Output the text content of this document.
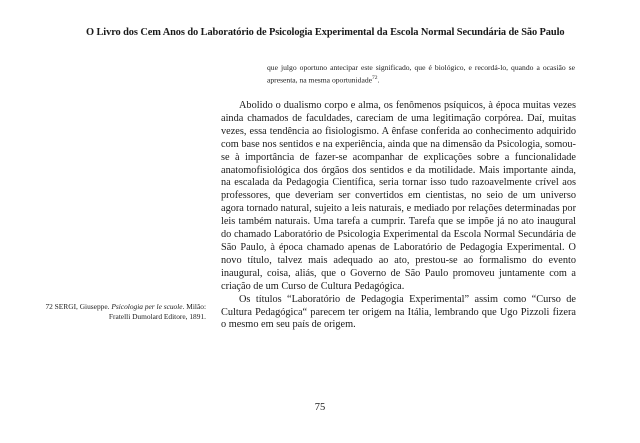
O Livro dos Cem Anos do Laboratório de Psicologia Experimental da Escola Normal Secundária de São Paulo
que julgo oportuno antecipar este significado, que é biológico, e recordá-lo, quando a ocasião se apresenta, na mesma oportunidade$^{72}$.

Abolido o dualismo corpo e alma, os fenômenos psíquicos, à época muitas vezes ainda chamados de faculdades, careciam de uma legitimação corpórea. Daí, muitas vezes, essa tendência ao fisiologismo. A ênfase conferida ao conhecimento adquirido com base nos sentidos e na experiência, ainda que na dimensão da Psicologia, somou-se à importância de fazer-se acompanhar de explicações sobre a funcionalidade anatomofisiológica dos órgãos dos sentidos e da motilidade. Mais importante ainda, na escalada da Pedagogia Científica, seria tornar isso tudo razoavelmente crível aos professores, que deveriam ser convertidos em cientistas, no seio de um universo agora tornado natural, sujeito a leis naturais, e mediado por relações determinadas por leis também naturais. Uma tarefa a cumprir. Tarefa que se impõe já no ato inaugural do chamado Laboratório de Psicologia Experimental da Escola Normal Secundária de São Paulo, à época chamado apenas de Laboratório de Pedagogia Experimental. O novo título, talvez mais adequado ao ato, prestou-se ao formalismo do evento inaugural, coisa, aliás, que o Governo de São Paulo promoveu juntamente com a criação de um Curso de Cultura Pedagógica.

Os títulos “Laboratório de Pedagogia Experimental” assim como “Curso de Cultura Pedagógica“ parecem ter origem na Itália, lembrando que Ugo Pizzoli fizera o mesmo em seu país de origem.

72 SERGI, Giuseppe. Psicologia per le scuole. Milão: Fratelli Dumolard Editore, 1891.
75
